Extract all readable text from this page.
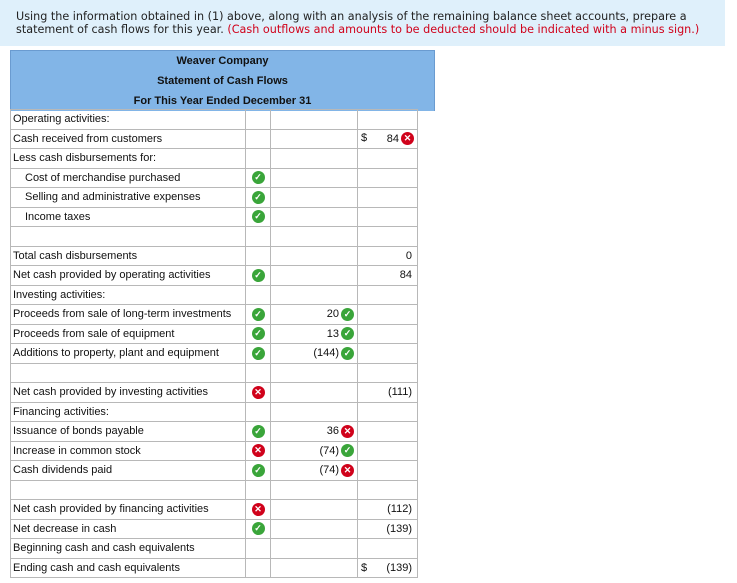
Using the information obtained in (1) above, along with an analysis of the remaining balance sheet accounts, prepare a statement of cash flows for this year. (Cash outflows and amounts to be deducted should be indicated with a minus sign.)
Weaver Company
Statement of Cash Flows
For This Year Ended December 31
Operating activities:			
Cash received from customers			$ 84 ✕
Less cash disbursements for:			
Cost of merchandise purchased	✓		
Selling and administrative expenses	✓		
Income taxes	✓		

Total cash disbursements			0
Net cash provided by operating activities	✓		84
Investing activities:			
Proceeds from sale of long-term investments	✓	20 ✓	
Proceeds from sale of equipment	✓	13 ✓	
Additions to property, plant and equipment	✓	(144) ✓	

Net cash provided by investing activities	✕		(111)
Financing activities:			
Issuance of bonds payable	✓	36 ✕	
Increase in common stock	✕	(74) ✓	
Cash dividends paid	✓	(74) ✕	

Net cash provided by financing activities	✕		(112)
Net decrease in cash	✓		(139)
Beginning cash and cash equivalents			
Ending cash and cash equivalents			$ (139)
